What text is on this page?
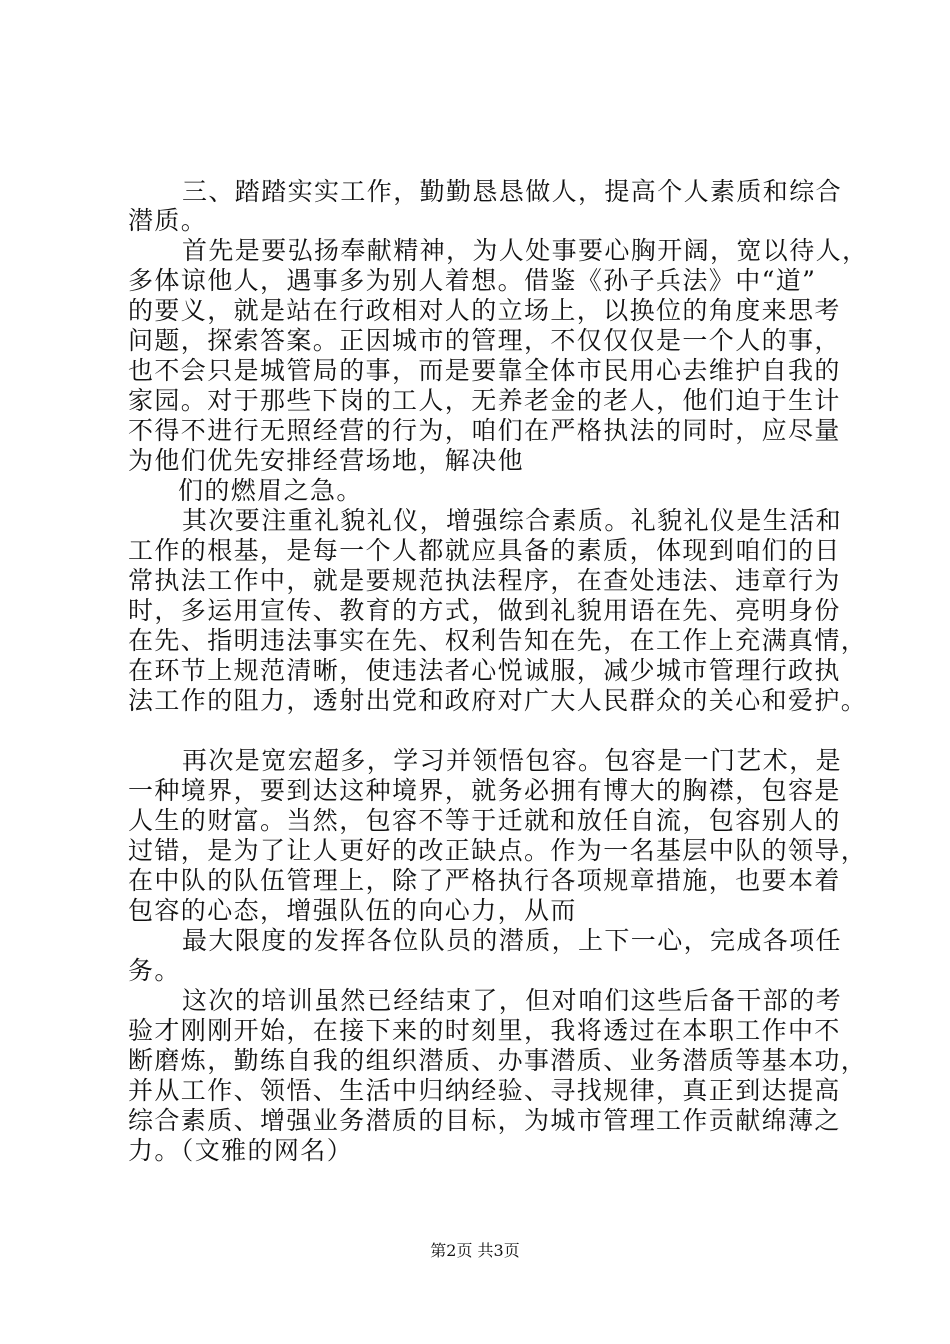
三、踏踏实实工作，勤勤恳恳做人，提高个人素质和综合
潜质。
首先是要弘扬奉献精神，为人处事要心胸开阔，宽以待人，
多体谅他人，遇事多为别人着想。借鉴《孙子兵法》中“道”
的要义，就是站在行政相对人的立场上，以换位的角度来思考
问题，探索答案。正因城市的管理，不仅仅仅是一个人的事，
也不会只是城管局的事，而是要靠全体市民用心去维护自我的
家园。对于那些下岗的工人，无养老金的老人，他们迫于生计
不得不进行无照经营的行为，咱们在严格执法的同时，应尽量
为他们优先安排经营场地，解决他
们的燃眉之急。
其次要注重礼貌礼仪，增强综合素质。礼貌礼仪是生活和
工作的根基，是每一个人都就应具备的素质，体现到咱们的日
常执法工作中，就是要规范执法程序，在查处违法、违章行为
时，多运用宣传、教育的方式，做到礼貌用语在先、亮明身份
在先、指明违法事实在先、权利告知在先，在工作上充满真情，
在环节上规范清晰，使违法者心悦诚服，减少城市管理行政执
法工作的阻力，透射出党和政府对广大人民群众的关心和爱护。
再次是宽宏超多，学习并领悟包容。包容是一门艺术，是
一种境界，要到达这种境界，就务必拥有博大的胸襟，包容是
人生的财富。当然，包容不等于迁就和放任自流，包容别人的
过错，是为了让人更好的改正缺点。作为一名基层中队的领导，
在中队的队伍管理上，除了严格执行各项规章措施，也要本着
包容的心态，增强队伍的向心力，从而
最大限度的发挥各位队员的潜质，上下一心，完成各项任
务。
这次的培训虽然已经结束了，但对咱们这些后备干部的考
验才刚刚开始，在接下来的时刻里，我将透过在本职工作中不
断磨炼，勤练自我的组织潜质、办事潜质、业务潜质等基本功，
并从工作、领悟、生活中归纳经验、寻找规律，真正到达提高
综合素质、增强业务潜质的目标，为城市管理工作贡献绵薄之
力。（文雅的网名）
第2页 共3页
